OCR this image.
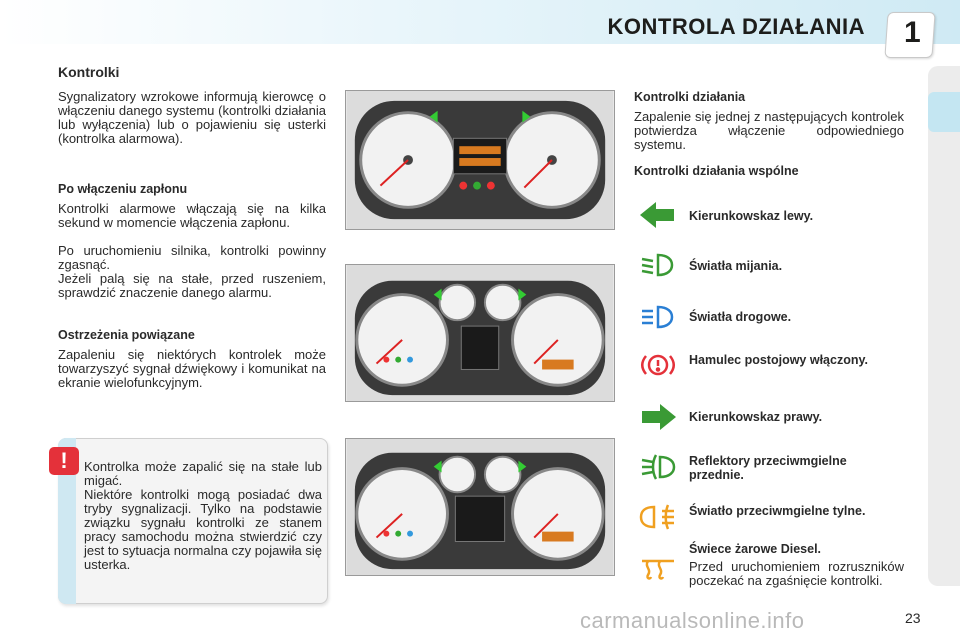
KONTROLA DZIAŁANIA 1
Kontrolki
Sygnalizatory wzrokowe informują kierowcę o włączeniu danego systemu (kontrolki działania lub wyłączenia) lub o pojawieniu się usterki (kontrolka alarmowa).
Po włączeniu zapłonu
Kontrolki alarmowe włączają się na kilka sekund w momencie włączenia zapłonu.
Po uruchomieniu silnika, kontrolki powinny zgasnąć.
Jeżeli palą się na stałe, przed ruszeniem, sprawdzić znaczenie danego alarmu.
Ostrzeżenia powiązane
Zapaleniu się niektórych kontrolek może towarzyszyć sygnał dźwiękowy i komunikat na ekranie wielofunkcyjnym.
!	Kontrolka może zapalić się na stałe lub migać.
Niektóre kontrolki mogą posiadać dwa tryby sygnalizacji. Tylko na podstawie związku sygnału kontrolki ze stanem pracy samochodu można stwierdzić czy jest to sytuacja normalna czy pojawiła się usterka.
Kontrolki działania
Zapalenie się jednej z następujących kontrolek potwierdza włączenie odpowiedniego systemu.
Kontrolki działania wspólne
Kierunkowskaz lewy.
Światła mijania.
Światła drogowe.
Hamulec postojowy włączony.
Kierunkowskaz prawy.
Reflektory przeciwmgielne przednie.
Światło przeciwmgielne tylne.
Świece żarowe Diesel.
Przed uruchomieniem rozruszników poczekać na zgaśnięcie kontrolki.
carmanualsonline.info	23
